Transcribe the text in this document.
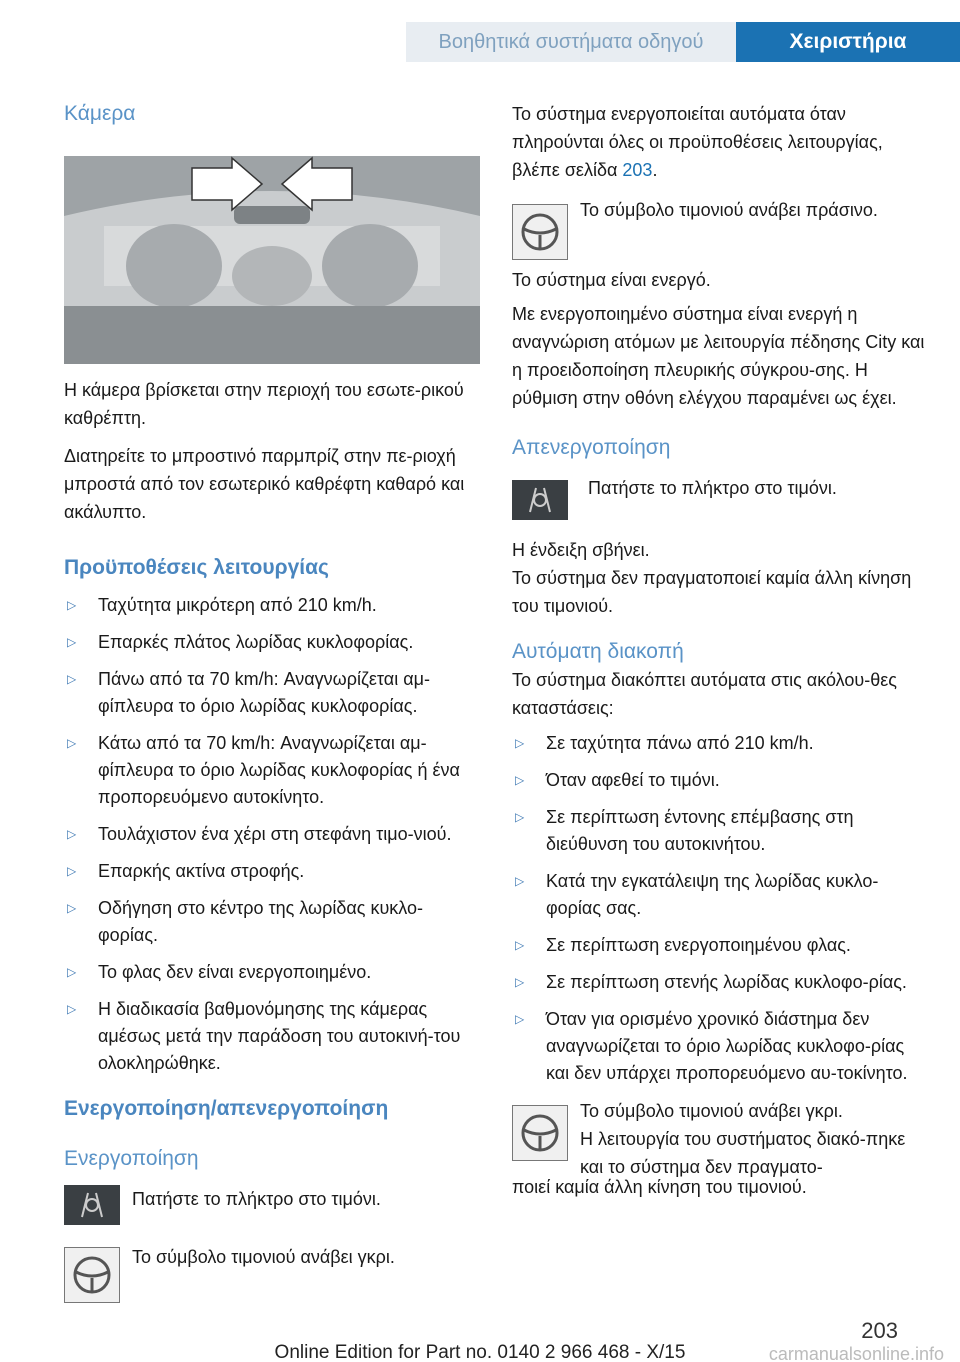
Βοηθητικά συστήματα οδηγού	Χειριστήρια
Κάμερα
Η κάμερα βρίσκεται στην περιοχή του εσωτε-ρικού καθρέπτη.
Διατηρείτε το μπροστινό παρμπρίζ στην πε-ριοχή μπροστά από τον εσωτερικό καθρέφτη καθαρό και ακάλυπτο.
Προϋποθέσεις λειτουργίας
▷ Ταχύτητα μικρότερη από 210 km/h.
▷ Επαρκές πλάτος λωρίδας κυκλοφορίας.
▷ Πάνω από τα 70 km/h: Αναγνωρίζεται αμ-φίπλευρα το όριο λωρίδας κυκλοφορίας.
▷ Κάτω από τα 70 km/h: Αναγνωρίζεται αμ-φίπλευρα το όριο λωρίδας κυκλοφορίας ή ένα προπορευόμενο αυτοκίνητο.
▷ Τουλάχιστον ένα χέρι στη στεφάνη τιμο-νιού.
▷ Επαρκής ακτίνα στροφής.
▷ Οδήγηση στο κέντρο της λωρίδας κυκλο-φορίας.
▷ Το φλας δεν είναι ενεργοποιημένο.
▷ Η διαδικασία βαθμονόμησης της κάμερας αμέσως μετά την παράδοση του αυτοκινή-του ολοκληρώθηκε.
Ενεργοποίηση/απενεργοποίηση
Ενεργοποίηση
Πατήστε το πλήκτρο στο τιμόνι.
Το σύμβολο τιμονιού ανάβει γκρι.
Το σύστημα ενεργοποιείται αυτόματα όταν πληρούνται όλες οι προϋποθέσεις λειτουργίας, βλέπε σελίδα 203.
Το σύμβολο τιμονιού ανάβει πράσινο.
Το σύστημα είναι ενεργό.
Με ενεργοποιημένο σύστημα είναι ενεργή η αναγνώριση ατόμων με λειτουργία πέδησης City και η προειδοποίηση πλευρικής σύγκρου-σης. Η ρύθμιση στην οθόνη ελέγχου παραμένει ως έχει.
Απενεργοποίηση
Πατήστε το πλήκτρο στο τιμόνι.
Η ένδειξη σβήνει.
Το σύστημα δεν πραγματοποιεί καμία άλλη κίνηση του τιμονιού.
Αυτόματη διακοπή
Το σύστημα διακόπτει αυτόματα στις ακόλου-θες καταστάσεις:
▷ Σε ταχύτητα πάνω από 210 km/h.
▷ Όταν αφεθεί το τιμόνι.
▷ Σε περίπτωση έντονης επέμβασης στη διεύθυνση του αυτοκινήτου.
▷ Κατά την εγκατάλειψη της λωρίδας κυκλο-φορίας σας.
▷ Σε περίπτωση ενεργοποιημένου φλας.
▷ Σε περίπτωση στενής λωρίδας κυκλοφο-ρίας.
▷ Όταν για ορισμένο χρονικό διάστημα δεν αναγνωρίζεται το όριο λωρίδας κυκλοφο-ρίας και δεν υπάρχει προπορευόμενο αυ-τοκίνητο.
Το σύμβολο τιμονιού ανάβει γκρι.
Η λειτουργία του συστήματος διακό-πηκε και το σύστημα δεν πραγματο-
ποιεί καμία άλλη κίνηση του τιμονιού.
203
Online Edition for Part no. 0140 2 966 468 - X/15	carmanualsonline.info
